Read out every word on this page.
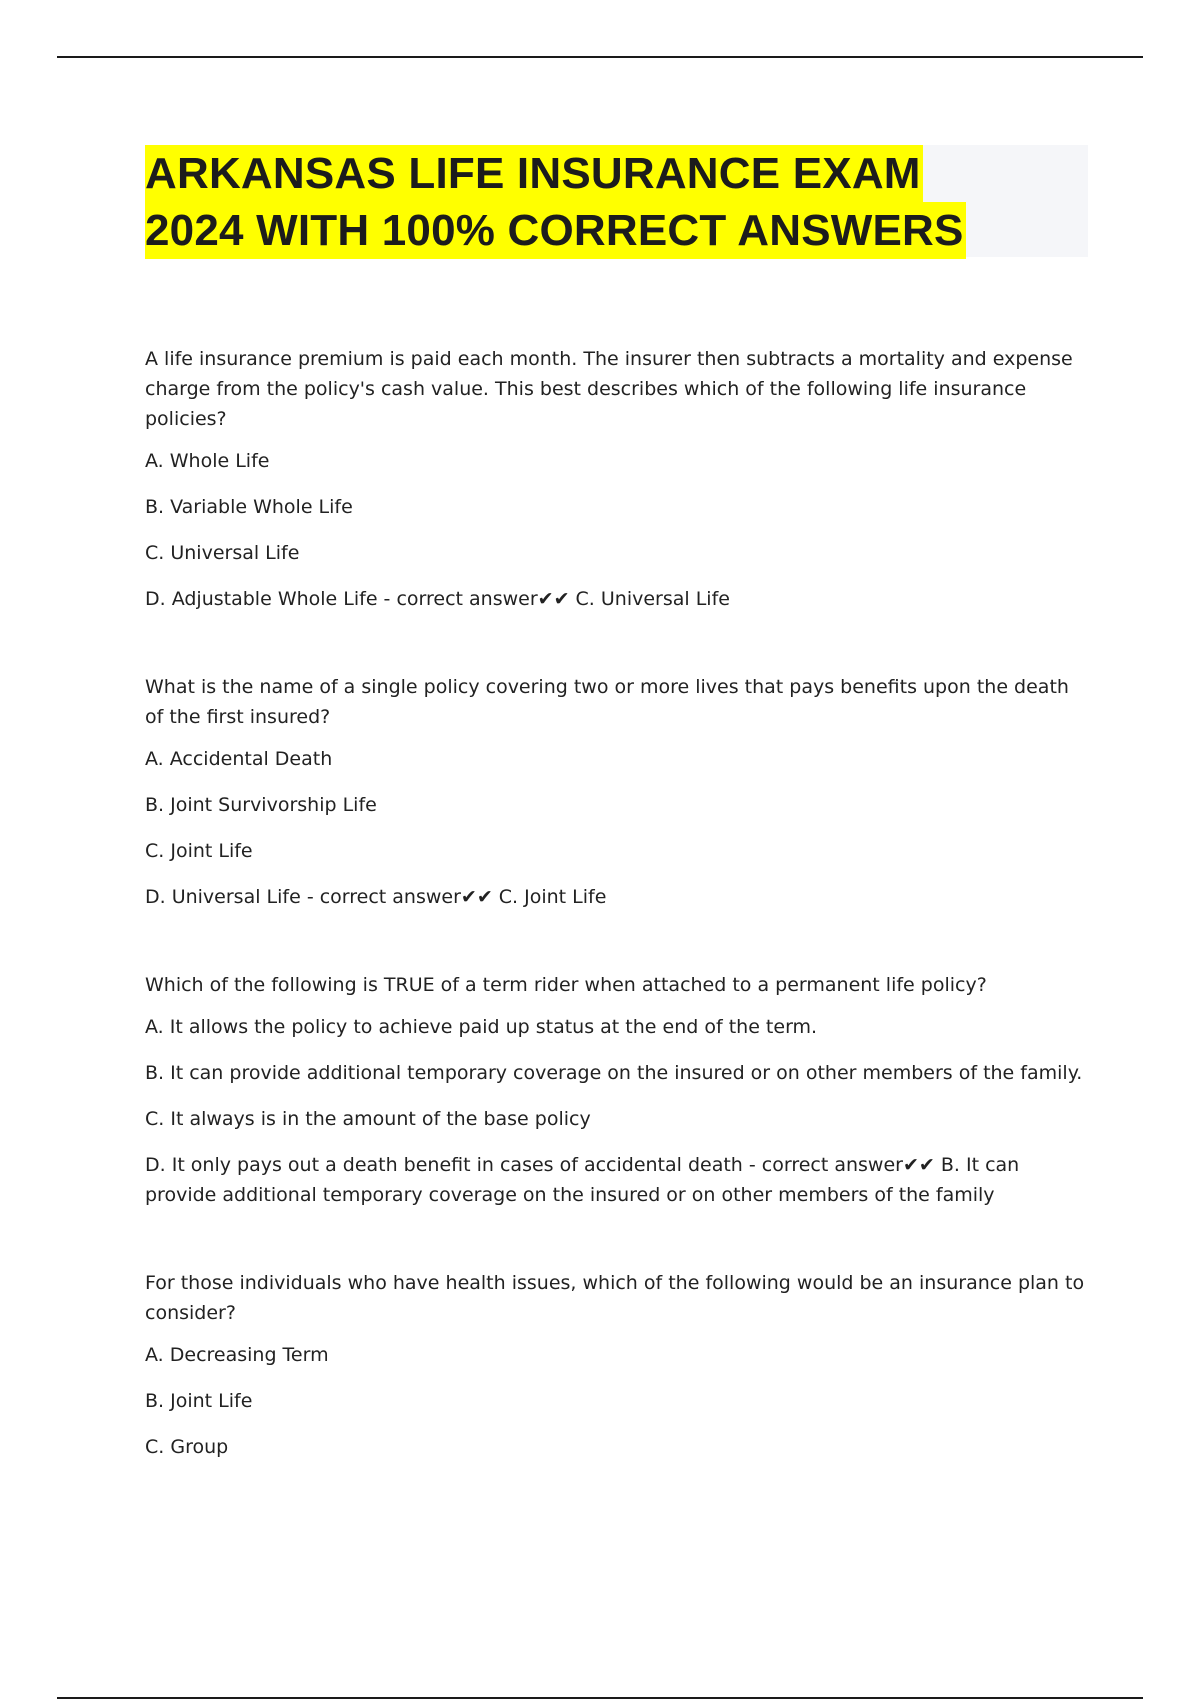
ARKANSAS LIFE INSURANCE EXAM
2024 WITH 100% CORRECT ANSWERS

A life insurance premium is paid each month. The insurer then subtracts a mortality and expense charge from the policy's cash value. This best describes which of the following life insurance policies?

A. Whole Life

B. Variable Whole Life

C. Universal Life

D. Adjustable Whole Life - correct answer✔✔ C. Universal Life

What is the name of a single policy covering two or more lives that pays benefits upon the death of the first insured?

A. Accidental Death

B. Joint Survivorship Life

C. Joint Life

D. Universal Life - correct answer✔✔ C. Joint Life

Which of the following is TRUE of a term rider when attached to a permanent life policy?

A. It allows the policy to achieve paid up status at the end of the term.

B. It can provide additional temporary coverage on the insured or on other members of the family.

C. It always is in the amount of the base policy

D. It only pays out a death benefit in cases of accidental death - correct answer✔✔ B. It can provide additional temporary coverage on the insured or on other members of the family

For those individuals who have health issues, which of the following would be an insurance plan to consider?

A. Decreasing Term

B. Joint Life

C. Group
